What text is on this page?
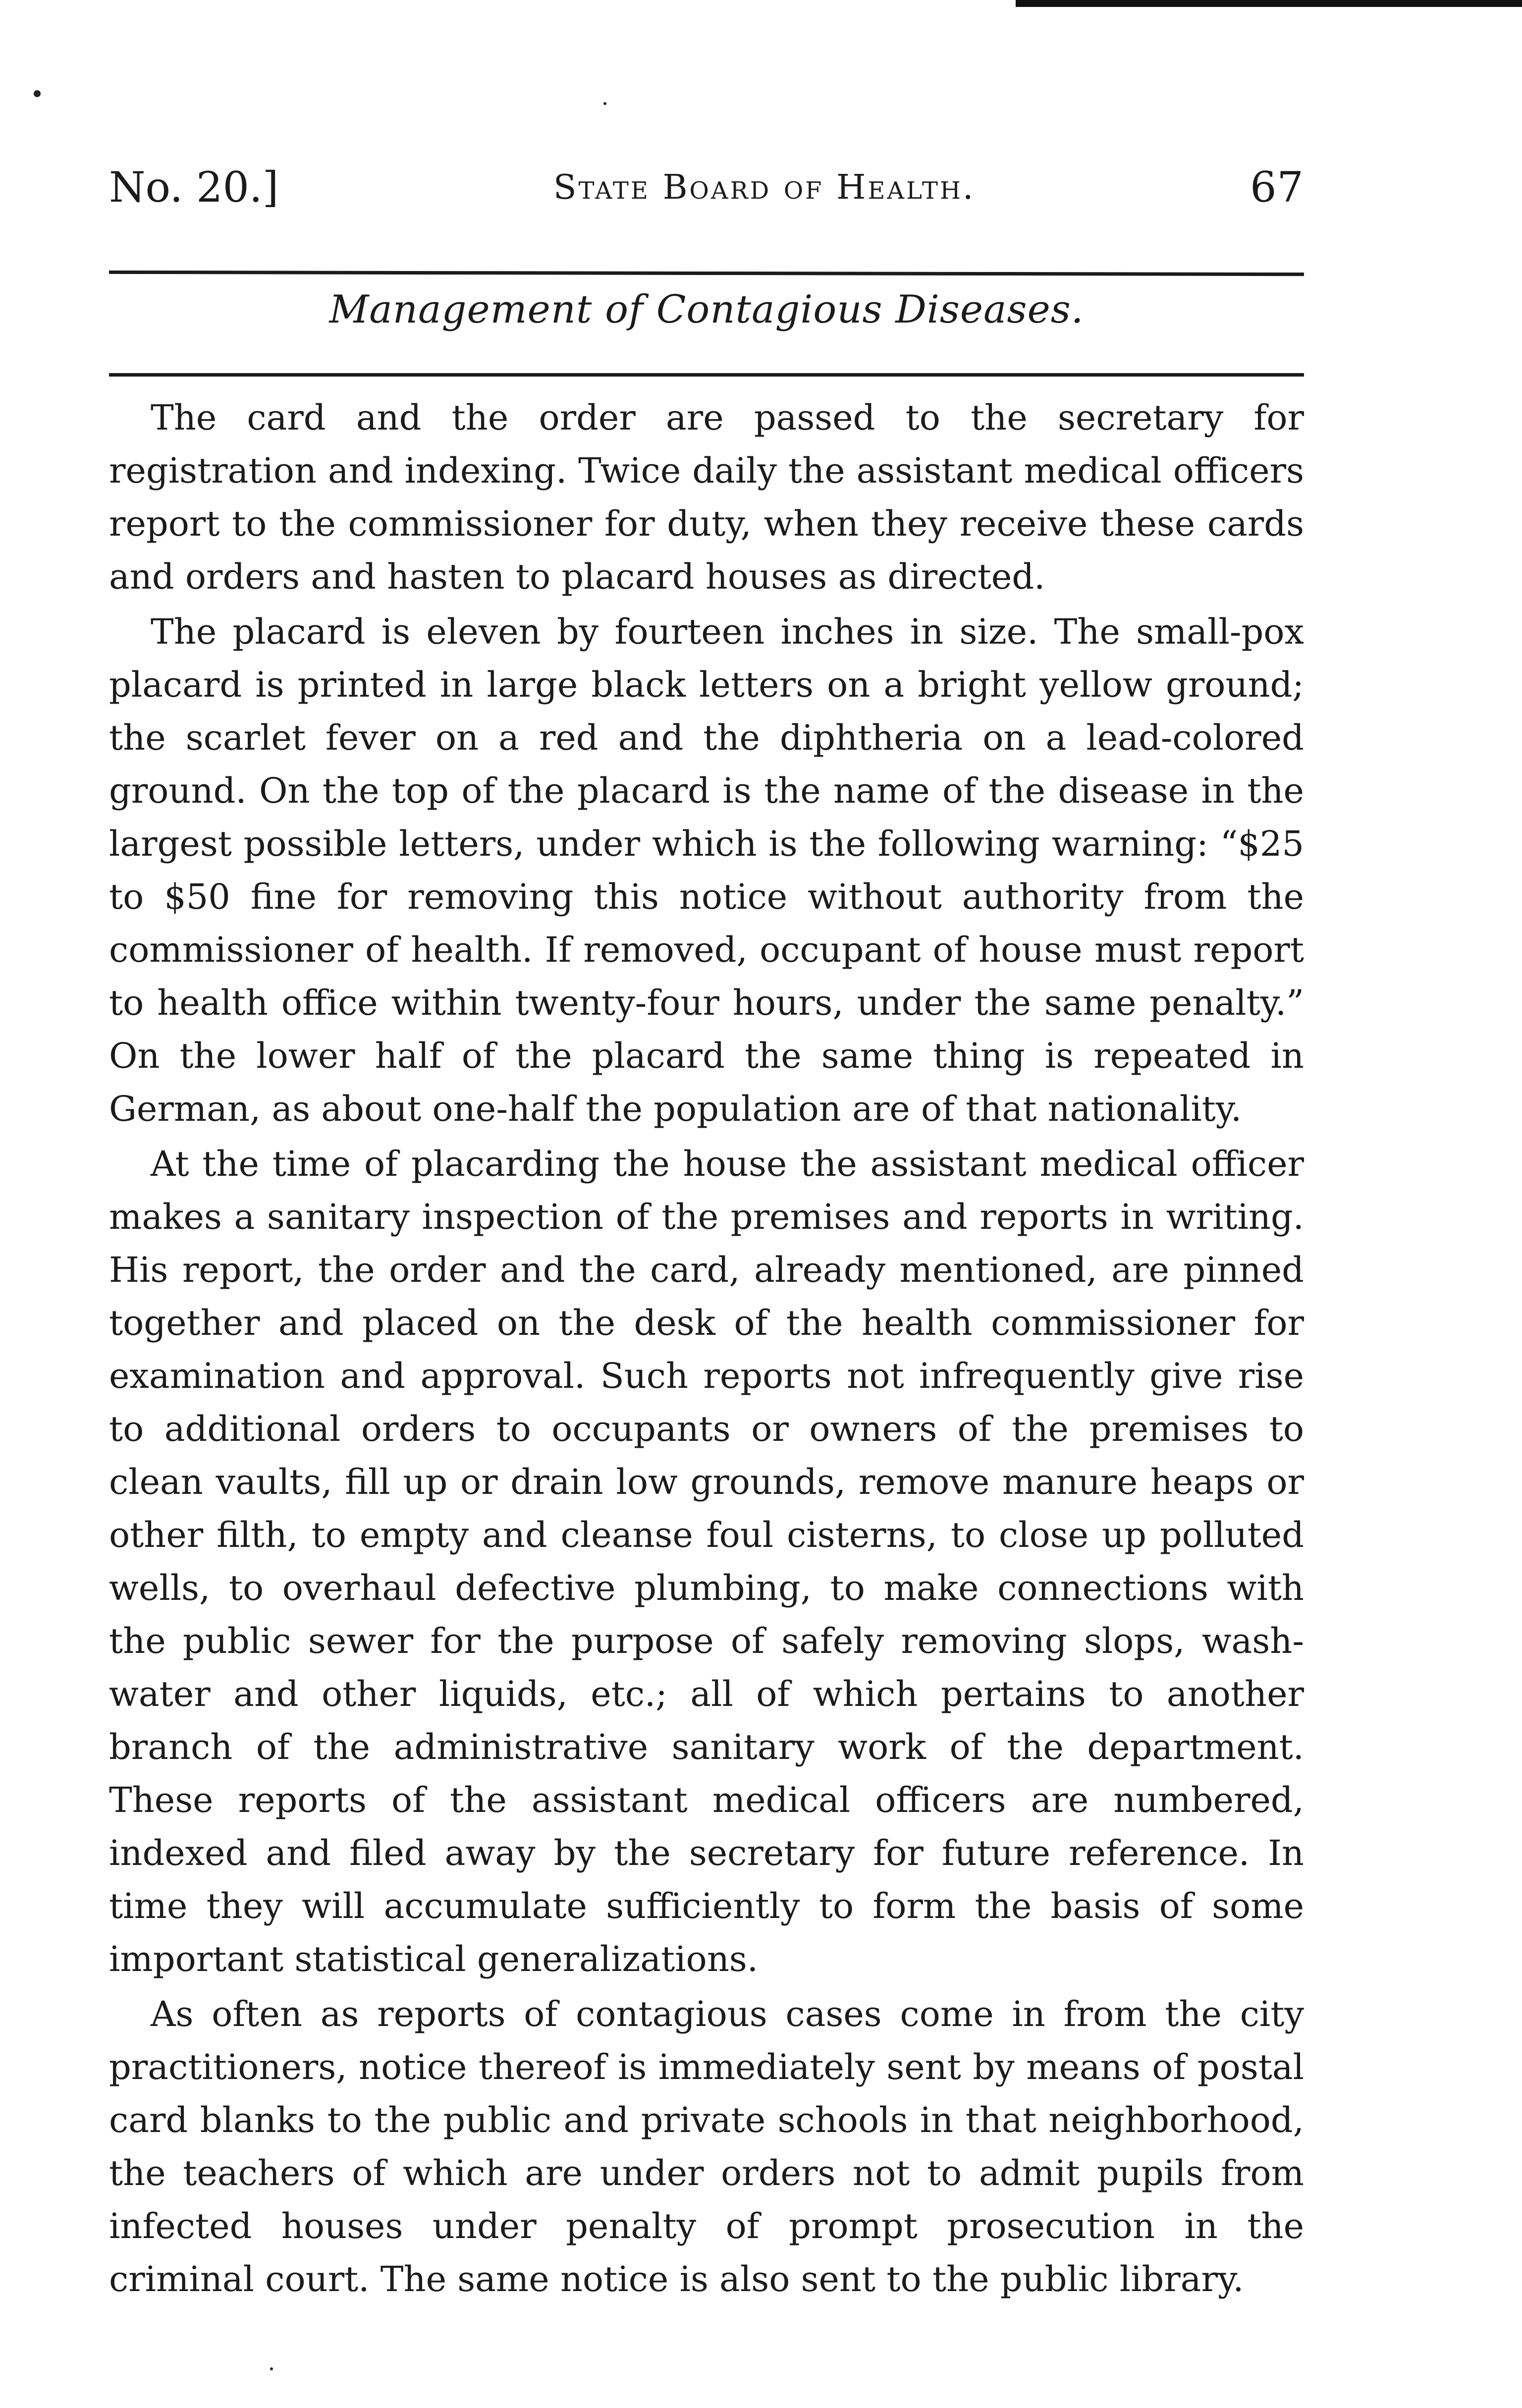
No. 20.]	State Board of Health.	67
Management of Contagious Diseases.

The card and the order are passed to the secretary for registration and indexing. Twice daily the assistant medical officers report to the commissioner for duty, when they receive these cards and orders and hasten to placard houses as directed.

The placard is eleven by fourteen inches in size. The small-pox placard is printed in large black letters on a bright yellow ground; the scarlet fever on a red and the diphtheria on a lead-colored ground. On the top of the placard is the name of the disease in the largest possible letters, under which is the following warning: “$25 to $50 fine for removing this notice without authority from the commissioner of health. If removed, occupant of house must report to health office within twenty-four hours, under the same penalty.” On the lower half of the placard the same thing is repeated in German, as about one-half the population are of that nationality.

At the time of placarding the house the assistant medical officer makes a sanitary inspection of the premises and reports in writing. His report, the order and the card, already mentioned, are pinned together and placed on the desk of the health commissioner for examination and approval. Such reports not infrequently give rise to additional orders to occupants or owners of the premises to clean vaults, fill up or drain low grounds, remove manure heaps or other filth, to empty and cleanse foul cisterns, to close up polluted wells, to overhaul defective plumbing, to make connections with the public sewer for the purpose of safely removing slops, wash-water and other liquids, etc.; all of which pertains to another branch of the administrative sanitary work of the department. These reports of the assistant medical officers are numbered, indexed and filed away by the secretary for future reference. In time they will accumulate sufficiently to form the basis of some important statistical generalizations.

As often as reports of contagious cases come in from the city practitioners, notice thereof is immediately sent by means of postal card blanks to the public and private schools in that neighborhood, the teachers of which are under orders not to admit pupils from infected houses under penalty of prompt prosecution in the criminal court. The same notice is also sent to the public library.
